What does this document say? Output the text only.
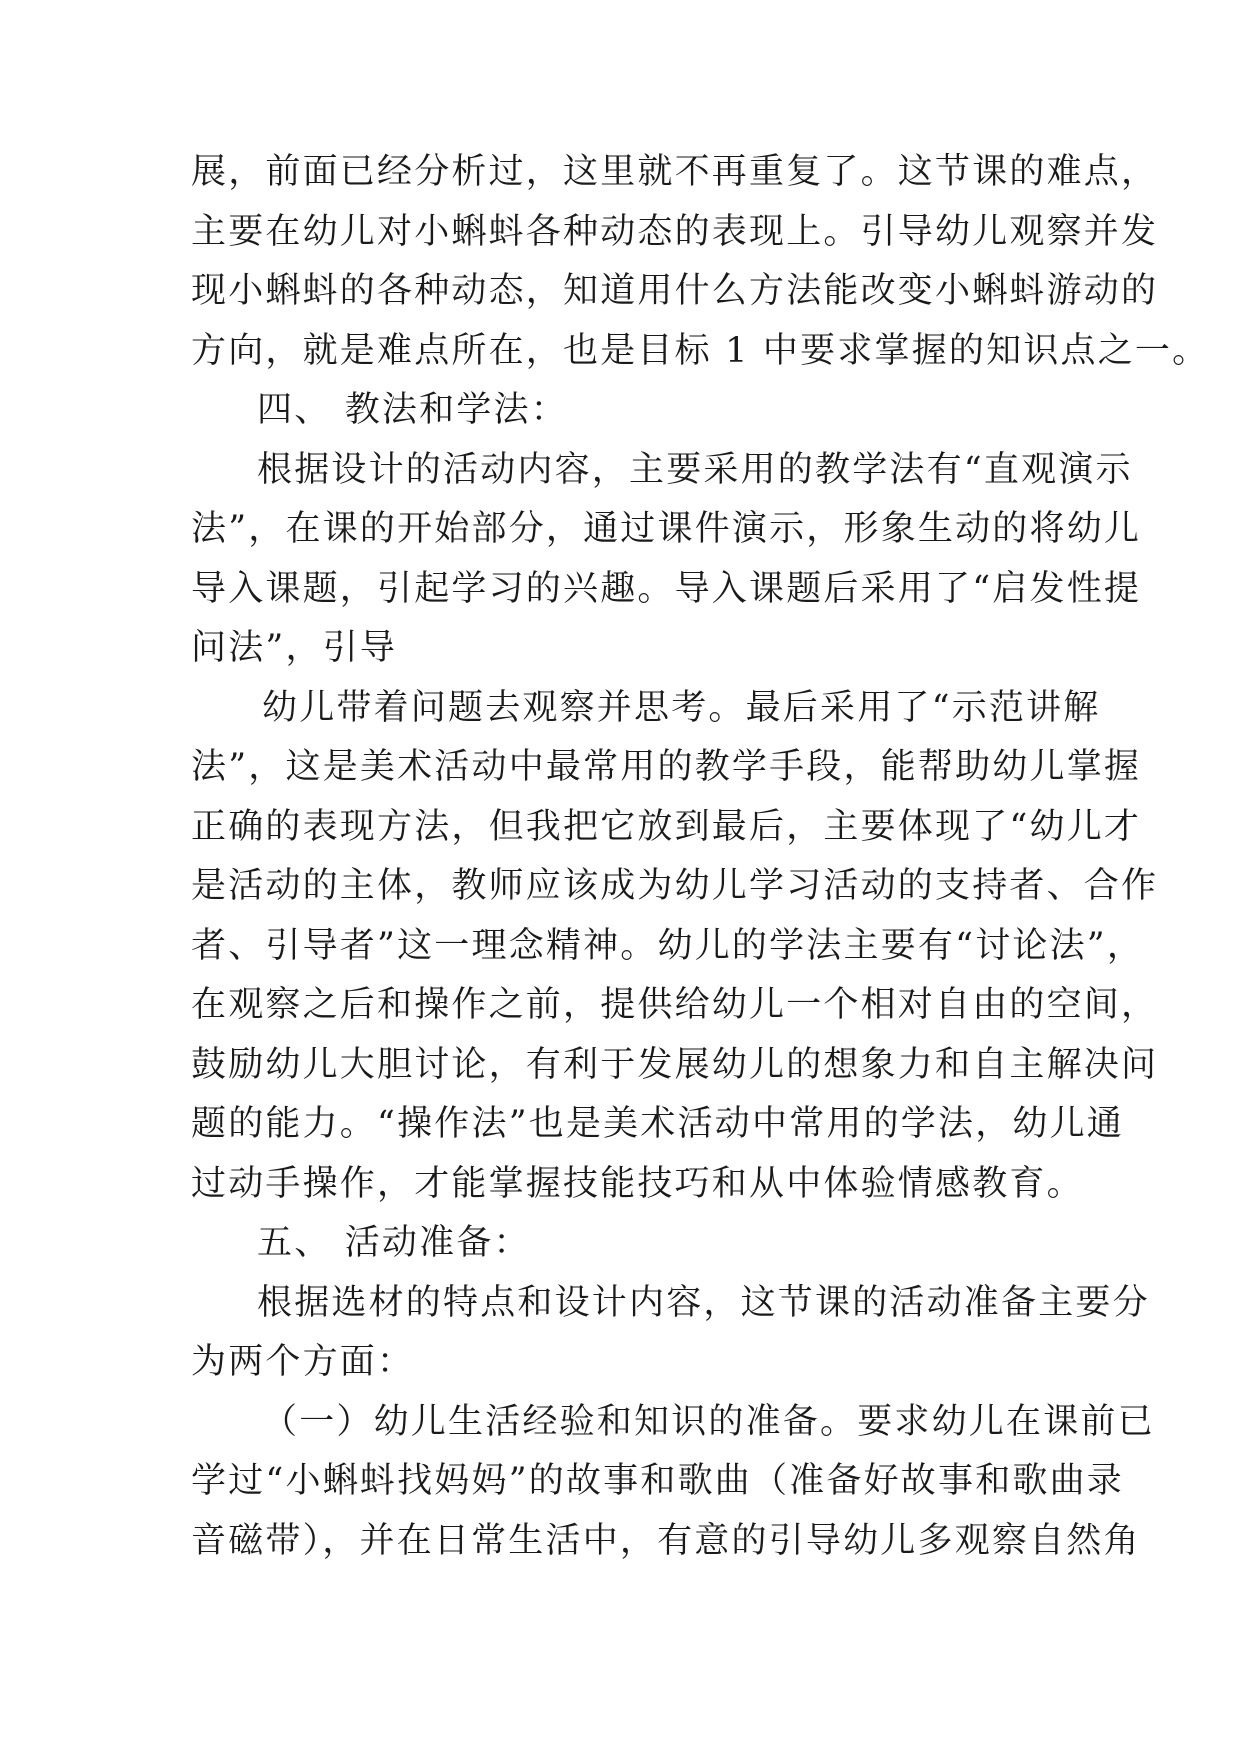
展，前面已经分析过，这里就不再重复了。这节课的难点，
主要在幼儿对小蝌蚪各种动态的表现上。引导幼儿观察并发
现小蝌蚪的各种动态，知道用什么方法能改变小蝌蚪游动的
方向，就是难点所在，也是目标 1 中要求掌握的知识点之一。
四、 教法和学法：
根据设计的活动内容，主要采用的教学法有“直观演示
法”，在课的开始部分，通过课件演示，形象生动的将幼儿
导入课题，引起学习的兴趣。导入课题后采用了“启发性提
问法”，引导
幼儿带着问题去观察并思考。最后采用了“示范讲解
法”，这是美术活动中最常用的教学手段，能帮助幼儿掌握
正确的表现方法，但我把它放到最后，主要体现了“幼儿才
是活动的主体，教师应该成为幼儿学习活动的支持者、合作
者、引导者”这一理念精神。幼儿的学法主要有“讨论法”，
在观察之后和操作之前，提供给幼儿一个相对自由的空间，
鼓励幼儿大胆讨论，有利于发展幼儿的想象力和自主解决问
题的能力。“操作法”也是美术活动中常用的学法，幼儿通
过动手操作，才能掌握技能技巧和从中体验情感教育。
五、 活动准备：
根据选材的特点和设计内容，这节课的活动准备主要分
为两个方面：
（一）幼儿生活经验和知识的准备。要求幼儿在课前已
学过“小蝌蚪找妈妈”的故事和歌曲（准备好故事和歌曲录
音磁带），并在日常生活中，有意的引导幼儿多观察自然角
